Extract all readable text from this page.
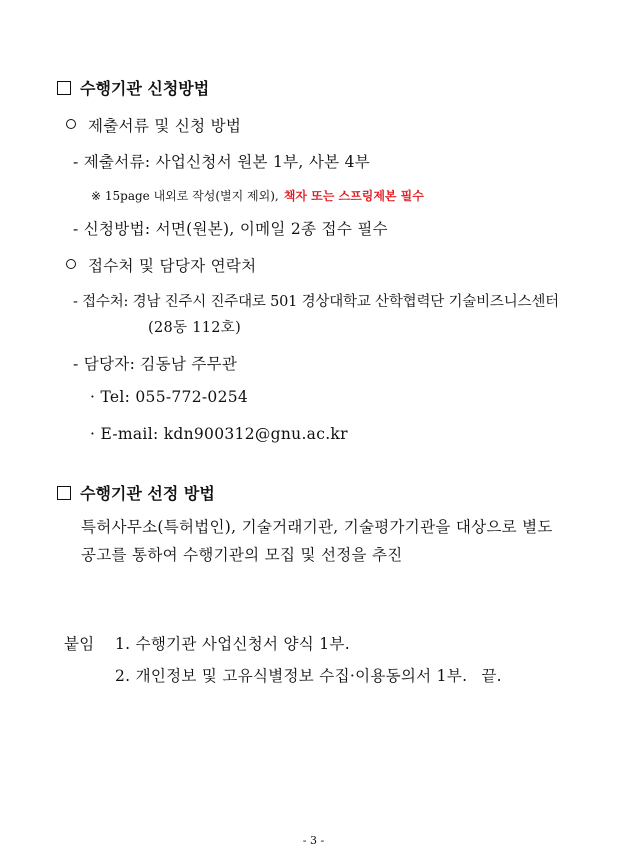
수행기관 신청방법
제출서류 및 신청 방법
- 제출서류: 사업신청서 원본 1부, 사본 4부
※ 15page 내외로 작성(별지 제외), 책자 또는 스프링제본 필수
- 신청방법: 서면(원본), 이메일 2종 접수 필수
접수처 및 담당자 연락처
- 접수처: 경남 진주시 진주대로 501 경상대학교 산학협력단 기술비즈니스센터
(28동 112호)
- 담당자: 김동남 주무관
· Tel: 055-772-0254
· E-mail: kdn900312@gnu.ac.kr
수행기관 선정 방법
특허사무소(특허법인), 기술거래기관, 기술평가기관을 대상으로 별도
공고를 통하여 수행기관의 모집 및 선정을 추진
붙임 1. 수행기관 사업신청서 양식 1부.
2. 개인정보 및 고유식별정보 수집·이용동의서 1부. 끝.
- 3 -
